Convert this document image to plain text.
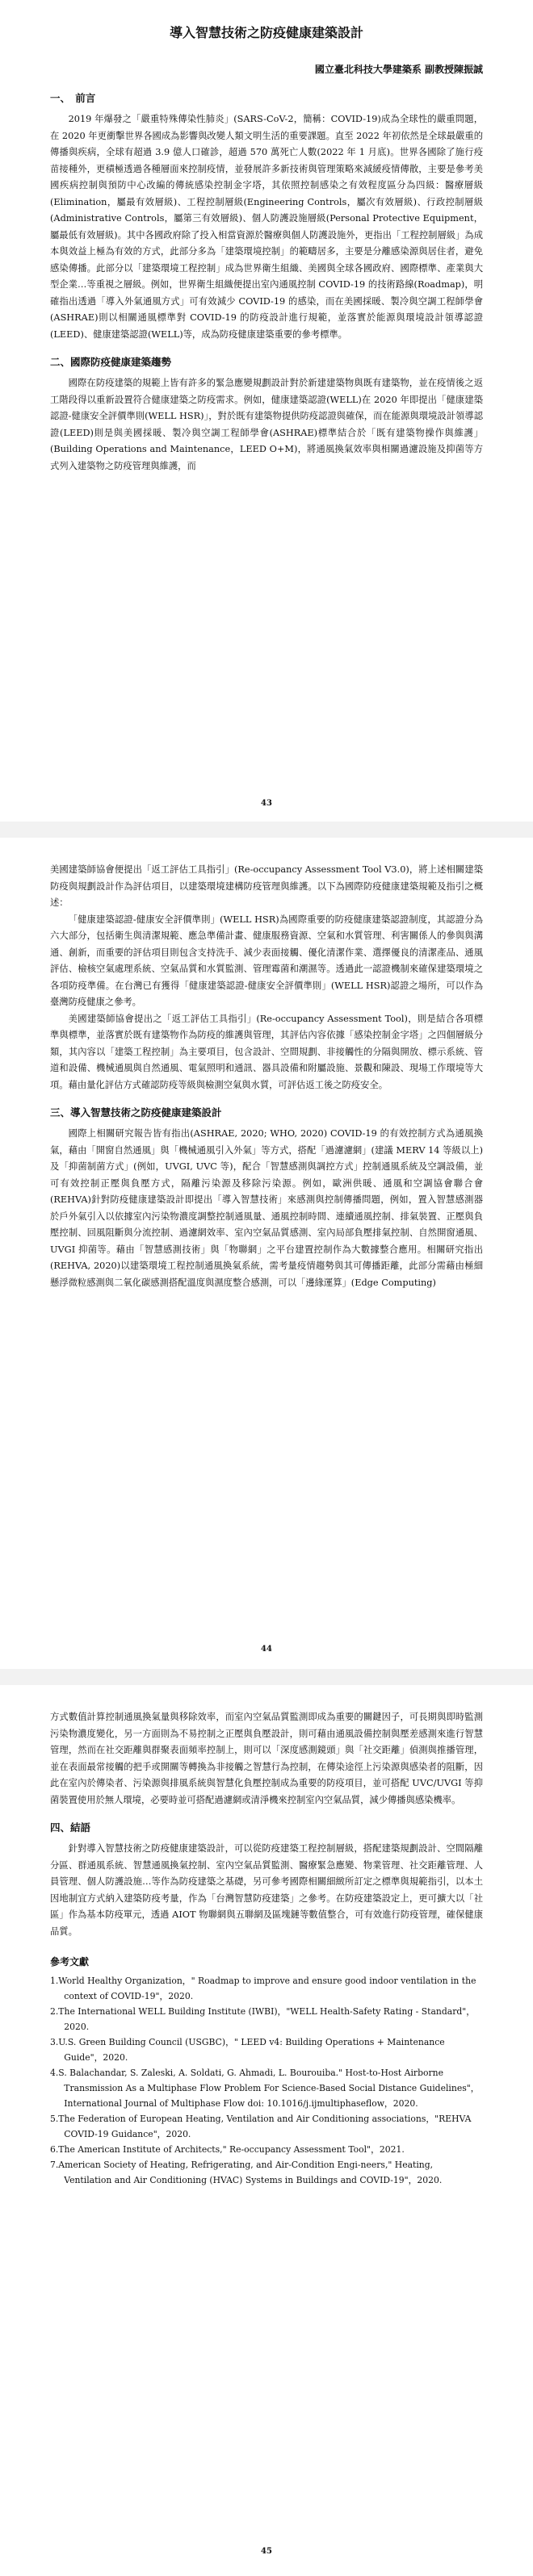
導入智慧技術之防疫健康建築設計
國立臺北科技大學建築系 副教授陳振誠
一、　前言

2019 年爆發之「嚴重特殊傳染性肺炎」(SARS-CoV-2，簡稱：COVID-19)成為全球性的嚴重問題，在 2020 年更衝擊世界各國成為影響與改變人類文明生活的重要課題。直至 2022 年初依然是全球最嚴重的傳播與疾病，全球有超過 3.9 億人口確診，超過 570 萬死亡人數(2022 年 1 月底)。世界各國除了施行疫苗接種外，更積極透過各種層面來控制疫情，並發展許多新技術與管理策略來減緩疫情傳散，主要是參考美國疾病控制與預防中心改編的傳統感染控制金字塔，其依照控制感染之有效程度區分為四級：醫療層級(Elimination，屬最有效層級)、工程控制層級(Engineering Controls，屬次有效層級)、行政控制層級(Administrative Controls，屬第三有效層級)、個人防護設施層級(Personal Protective Equipment，屬最低有效層級)。其中各國政府除了投入相當資源於醫療與個人防護設施外，更指出「工程控制層級」為成本與效益上極為有效的方式，此部分多為「建築環境控制」的範疇居多，主要是分離感染源與居住者，避免感染傳播。此部分以「建築環境工程控制」成為世界衛生組織、美國與全球各國政府、國際標準、產業與大型企業…等重視之層級。例如，世界衛生組織便提出室內通風控制 COVID-19 的技術路線(Roadmap)，明確指出透過「導入外氣通風方式」可有效減少 COVID-19 的感染，而在美國採暖、製冷與空調工程師學會(ASHRAE)則以相關通風標準對 COVID-19 的防疫設計進行規範，並落實於能源與環境設計領導認證(LEED)、健康建築認證(WELL)等，成為防疫健康建築重要的參考標準。

二、國際防疫健康建築趨勢

國際在防疫建築的規範上皆有許多的緊急應變規劃設計對於新建建築物與既有建築物，並在疫情後之返工階段得以重新設置符合健康建築之防疫需求。例如，健康建築認證(WELL)在 2020 年即提出「健康建築認證-健康安全評價準則(WELL HSR)」，對於既有建築物提供防疫認證與確保，而在能源與環境設計領導認證(LEED)則是與美國採暖、製冷與空調工程師學會(ASHRAE)標準結合於「既有建築物操作與維護」(Building Operations and Maintenance，LEED O+M)，將通風換氣效率與相關過濾設施及抑菌等方式列入建築物之防疫管理與維護，而

43

美國建築師協會便提出「返工評估工具指引」(Re-occupancy Assessment Tool V3.0)，將上述相關建築防疫與規劃設計作為評估項目，以建築環境建構防疫管理與維護。以下為國際防疫健康建築規範及指引之概述：

「健康建築認證-健康安全評價準則」(WELL HSR)為國際重要的防疫健康建築認證制度，其認證分為六大部分，包括衛生與清潔規範、應急準備計畫、健康服務資源、空氣和水質管理、利害關係人的參與與溝通、創新，而重要的評估項目則包含支持洗手、減少表面接觸、優化清潔作業、選擇優良的清潔產品、通風評估、檢核空氣處理系統、空氣品質和水質監測、管理霉菌和潮濕等。透過此一認證機制來確保建築環境之各項防疫準備。在台灣已有獲得「健康建築認證-健康安全評價準則」(WELL HSR)認證之場所，可以作為臺灣防疫健康之參考。

美國建築師協會提出之「返工評估工具指引」(Re-occupancy Assessment Tool)，則是結合各項標準與標準，並落實於既有建築物作為防疫的維護與管理，其評估內容依據「感染控制金字塔」之四個層級分類，其內容以「建築工程控制」為主要項目，包含設計、空間規劃、非接觸性的分隔與開放、標示系統、管道和設備、機械通風與自然通風、電氣照明和通訊、器具設備和附屬設施、景觀和陳設、現場工作環境等大項。藉由量化評估方式確認防疫等級與檢測空氣與水質，可評估返工後之防疫安全。

三、導入智慧技術之防疫健康建築設計

國際上相關研究報告皆有指出(ASHRAE, 2020; WHO, 2020) COVID-19 的有效控制方式為通風換氣，藉由「開窗自然通風」與「機械通風引入外氣」等方式，搭配「過濾濾網」(建議 MERV 14 等級以上)及「抑菌制菌方式」(例如，UVGI, UVC 等)，配合「智慧感測與調控方式」控制通風系統及空調設備，並可有效控制正壓與負壓方式，隔離污染源及移除污染源。例如，歐洲供暖、通風和空調協會聯合會(REHVA)針對防疫健康建築設計即提出「導入智慧技術」來感測與控制傳播問題，例如，置入智慧感測器於戶外氣引入以依據室內污染物濃度調整控制通風量、通風控制時間、連續通風控制、排氣裝置、正壓與負壓控制、回風阻斷與分流控制、過濾網效率、室內空氣品質感測、室內局部負壓排氣控制、自然開窗通風、UVGI 抑菌等。藉由「智慧感測技術」與「物聯網」之平台建置控制作為大數據整合應用。相關研究指出(REHVA, 2020)以建築環境工程控制通風換氣系統，需考量疫情趨勢與其可傳播距離，此部分需藉由極細懸浮微粒感測與二氧化碳感測搭配溫度與濕度整合感測，可以「邊緣運算」(Edge Computing)

44

方式數值計算控制通風換氣量與移除效率，而室內空氣品質監測即成為重要的關鍵因子，可長期與即時監測污染物濃度變化，另一方面則為不易控制之正壓與負壓設計，則可藉由通風設備控制與壓差感測來進行智慧管理，然而在社交距離與群聚表面頻率控制上，則可以「深度感測鏡頭」與「社交距離」偵測與推播管理，並在表面最常接觸的把手或開關等轉換為非接觸之智慧行為控制，在傳染途徑上污染源與感染者的阻斷，因此在室內於傳染者、污染源與排風系統與智慧化負壓控制成為重要的防疫項目，並可搭配 UVC/UVGI 等抑菌裝置使用於無人環境，必要時並可搭配過濾網或清淨機來控制室內空氣品質，減少傳播與感染機率。

四、結語

針對導入智慧技術之防疫健康建築設計，可以從防疫建築工程控制層級，搭配建築規劃設計、空間隔離分區、群通風系統、智慧通風換氣控制、室內空氣品質監測、醫療緊急應變、物業管理、社交距離管理、人員管理、個人防護設施…等作為防疫建築之基礎，另可參考國際相關細緻所訂定之標準與規範指引，以本土因地制宜方式納入建築防疫考量，作為「台灣智慧防疫建築」之參考。在防疫建築設定上，更可擴大以「社區」作為基本防疫單元，透過 AIOT 物聯網與五聯網及區塊鏈等數值整合，可有效進行防疫管理，確保健康品質。

參考文獻

1.World Healthy Organization，" Roadmap to improve and ensure good indoor ventilation in the context of COVID-19"，2020.

2.The International WELL Building Institute (IWBI)，"WELL Health-Safety Rating - Standard"，2020.

3.U.S. Green Building Council (USGBC)，" LEED v4: Building Operations + Maintenance Guide"，2020.

4.S. Balachandar, S. Zaleski, A. Soldati, G. Ahmadi, L. Bourouiba." Host-to-Host Airborne Transmission As a Multiphase Flow Problem For Science-Based Social Distance Guidelines"，International Journal of Multiphase Flow doi: 10.1016/j.ijmultiphaseflow，2020.

5.The Federation of European Heating, Ventilation and Air Conditioning associations，"REHVA COVID-19 Guidance"，2020.

6.The American Institute of Architects," Re-occupancy Assessment Tool"，2021.

7.American Society of Heating, Refrigerating, and Air-Condition Engi-neers," Heating, Ventilation and Air Conditioning (HVAC) Systems in Buildings and COVID-19"，2020.

45
